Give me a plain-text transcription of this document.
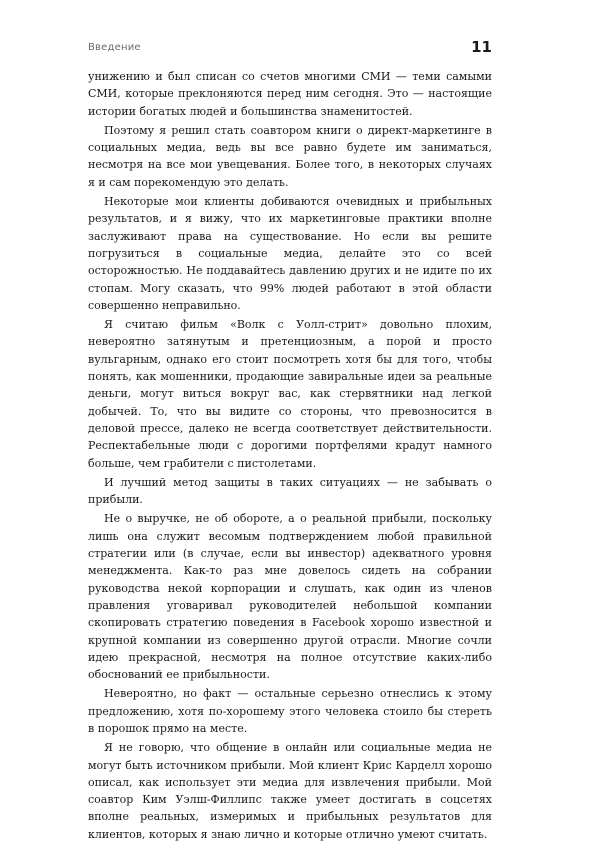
Введение	11

унижению и был списан со счетов многими СМИ — теми самыми СМИ, которые преклоняются перед ним сегодня. Это — настоящие истории богатых людей и большинства знаменитостей.

Поэтому я решил стать соавтором книги о директ-маркетинге в социальных медиа, ведь вы все равно будете им заниматься, несмотря на все мои увещевания. Более того, в некоторых случаях я и сам порекомендую это делать.

Некоторые мои клиенты добиваются очевидных и прибыльных результатов, и я вижу, что их маркетинговые практики вполне заслуживают права на существование. Но если вы решите погрузиться в социальные медиа, делайте это со всей осторожностью. Не поддавайтесь давлению других и не идите по их стопам. Могу сказать, что 99% людей работают в этой области совершенно неправильно.

Я считаю фильм «Волк с Уолл-стрит» довольно плохим, невероятно затянутым и претенциозным, а порой и просто вульгарным, однако его стоит посмотреть хотя бы для того, чтобы понять, как мошенники, продающие завиральные идеи за реальные деньги, могут виться вокруг вас, как стервятники над легкой добычей. То, что вы видите со стороны, что превозносится в деловой прессе, далеко не всегда соответствует действительности. Респектабельные люди с дорогими портфелями крадут намного больше, чем грабители с пистолетами.

И лучший метод защиты в таких ситуациях — не забывать о прибыли.

Не о выручке, не об обороте, а о реальной прибыли, поскольку лишь она служит весомым подтверждением любой правильной стратегии или (в случае, если вы инвестор) адекватного уровня менеджмента. Как-то раз мне довелось сидеть на собрании руководства некой корпорации и слушать, как один из членов правления уговаривал руководителей небольшой компании скопировать стратегию поведения в Facebook хорошо известной и крупной компании из совершенно другой отрасли. Многие сочли идею прекрасной, несмотря на полное отсутствие каких-либо обоснований ее прибыльности.

Невероятно, но факт — остальные серьезно отнеслись к этому предложению, хотя по-хорошему этого человека стоило бы стереть в порошок прямо на месте.

Я не говорю, что общение в онлайн или социальные медиа не могут быть источником прибыли. Мой клиент Крис Карделл хорошо описал, как использует эти медиа для извлечения прибыли. Мой соавтор Ким Уэлш-Филлипс также умеет достигать в соцсетях вполне реальных, измеримых и прибыльных результатов для клиентов, которых я знаю лично и которые отлично умеют считать.
